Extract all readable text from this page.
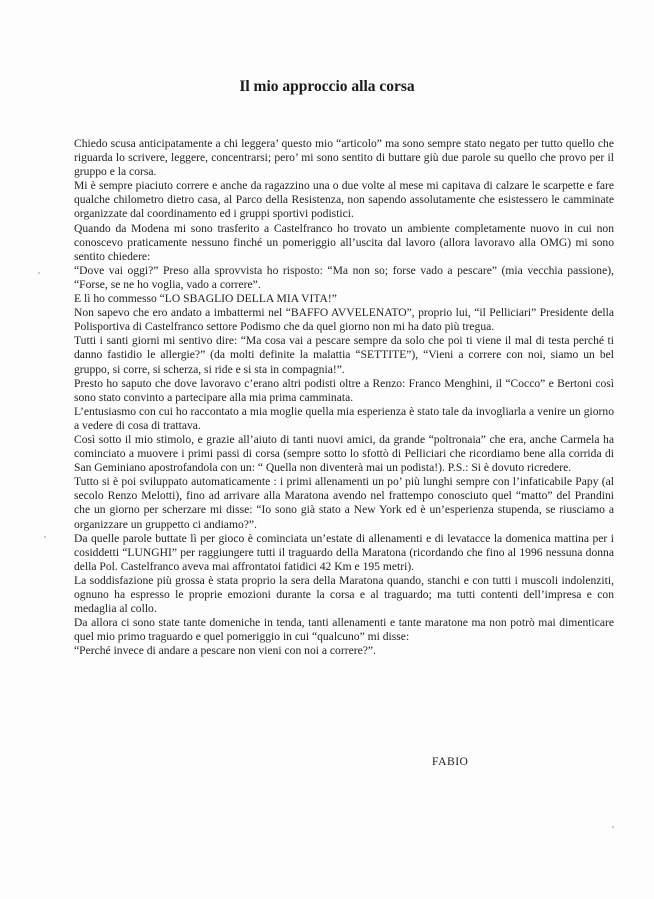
Il mio approccio alla corsa

Chiedo scusa anticipatamente a chi leggera’ questo mio “articolo” ma sono sempre stato negato per tutto quello che riguarda lo scrivere, leggere, concentrarsi; pero’ mi sono sentito di buttare giù due parole su quello che provo per il gruppo e la corsa.

Mi è sempre piaciuto correre e anche da ragazzino una o due volte al mese mi capitava di calzare le scarpette e fare qualche chilometro dietro casa, al Parco della Resistenza, non sapendo assolutamente che esistessero le camminate organizzate dal coordinamento ed i gruppi sportivi podistici.

Quando da Modena mi sono trasferito a Castelfranco ho trovato un ambiente completamente nuovo in cui non conoscevo praticamente nessuno finché un pomeriggio all’uscita dal lavoro (allora lavoravo alla OMG) mi sono sentito chiedere:

“Dove vai oggi?” Preso alla sprovvista ho risposto: “Ma non so; forse vado a pescare” (mia vecchia passione), “Forse, se ne ho voglia, vado a correre”.

E lì ho commesso “LO SBAGLIO DELLA MIA VITA!”

Non sapevo che ero andato a imbattermi nel “BAFFO AVVELENATO”, proprio lui, “il Pelliciari” Presidente della Polisportiva di Castelfranco settore Podismo che da quel giorno non mi ha dato più tregua.

Tutti i santi giorni mi sentivo dire: “Ma cosa vai a pescare sempre da solo che poi ti viene il mal di testa perché ti danno fastidio le allergie?” (da molti definite la malattia “SETTITE”), “Vieni a correre con noi, siamo un bel gruppo, si corre, si scherza, si ride e si sta in compagnia!”.

Presto ho saputo che dove lavoravo c’erano altri podisti oltre a Renzo: Franco Menghini, il “Cocco” e Bertoni così sono stato convinto a partecipare alla mia prima camminata.

L’entusiasmo con cui ho raccontato a mia moglie quella mia esperienza è stato tale da invogliarla a venire un giorno a vedere di cosa di trattava.

Così sotto il mio stimolo, e grazie all’aiuto di tanti nuovi amici, da grande “poltronaia” che era, anche Carmela ha cominciato a muovere i primi passi di corsa (sempre sotto lo sfottò di Pelliciari che ricordiamo bene alla corrida di San Geminiano apostrofandola con un: “ Quella non diventerà mai un podista!). P.S.: Si è dovuto ricredere.

Tutto si è poi sviluppato automaticamente : i primi allenamenti un po’ più lunghi sempre con l’infaticabile Papy (al secolo Renzo Melotti), fino ad arrivare alla Maratona avendo nel frattempo conosciuto quel “matto” del Prandini che un giorno per scherzare mi disse: “Io sono già stato a New York ed è un’esperienza stupenda, se riusciamo a organizzare un gruppetto ci andiamo?”.

Da quelle parole buttate lì per gioco è cominciata un’estate di allenamenti e di levatacce la domenica mattina per i cosiddetti “LUNGHI” per raggiungere tutti il traguardo della Maratona (ricordando che fino al 1996 nessuna donna della Pol. Castelfranco aveva mai affrontatoi fatidici 42 Km e 195 metri).

La soddisfazione più grossa è stata proprio la sera della Maratona quando, stanchi e con tutti i muscoli indolenziti, ognuno ha espresso le proprie emozioni durante la corsa e al traguardo; ma tutti contenti dell’impresa e con medaglia al collo.

Da allora ci sono state tante domeniche in tenda, tanti allenamenti e tante maratone ma non potrò mai dimenticare quel mio primo traguardo e quel pomeriggio in cui “qualcuno” mi disse:

“Perché invece di andare a pescare non vieni con noi a correre?”.

FABIO
